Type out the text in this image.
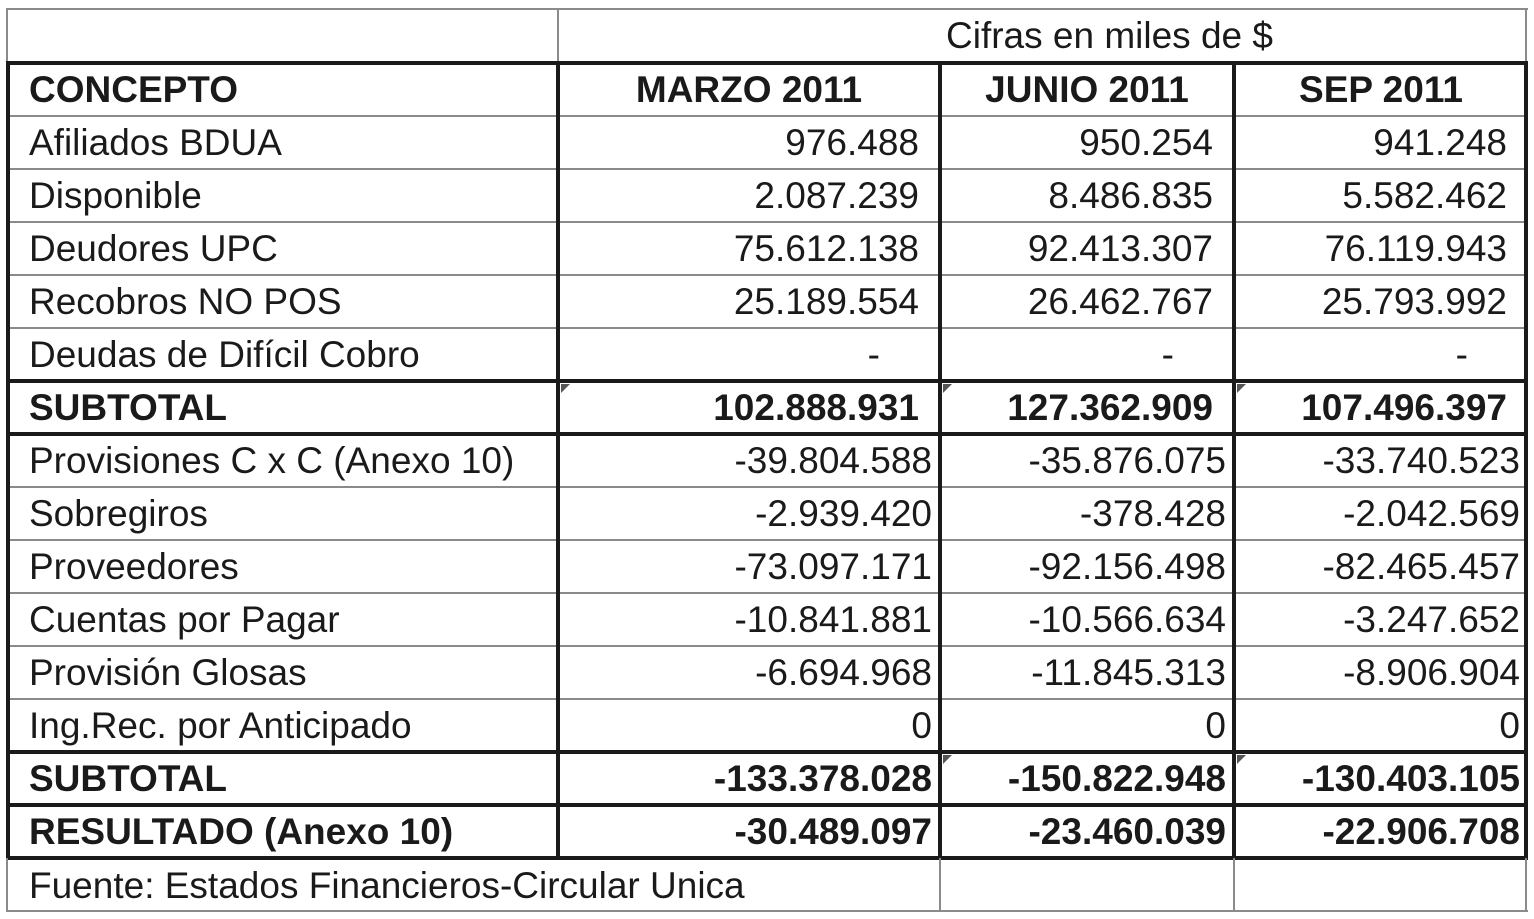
Cifras en miles de $
CONCEPTO	MARZO 2011	JUNIO 2011	SEP 2011
Afiliados BDUA	976.488	950.254	941.248
Disponible	2.087.239	8.486.835	5.582.462
Deudores UPC	75.612.138	92.413.307	76.119.943
Recobros NO POS	25.189.554	26.462.767	25.793.992
Deudas de Difícil Cobro	-	-	-
SUBTOTAL	102.888.931	127.362.909	107.496.397
Provisiones C x C (Anexo 10)	-39.804.588	-35.876.075	-33.740.523
Sobregiros	-2.939.420	-378.428	-2.042.569
Proveedores	-73.097.171	-92.156.498	-82.465.457
Cuentas por Pagar	-10.841.881	-10.566.634	-3.247.652
Provisión Glosas	-6.694.968	-11.845.313	-8.906.904
Ing.Rec. por Anticipado	0	0	0
SUBTOTAL	-133.378.028	-150.822.948	-130.403.105
RESULTADO (Anexo 10)	-30.489.097	-23.460.039	-22.906.708
Fuente: Estados Financieros-Circular Unica
